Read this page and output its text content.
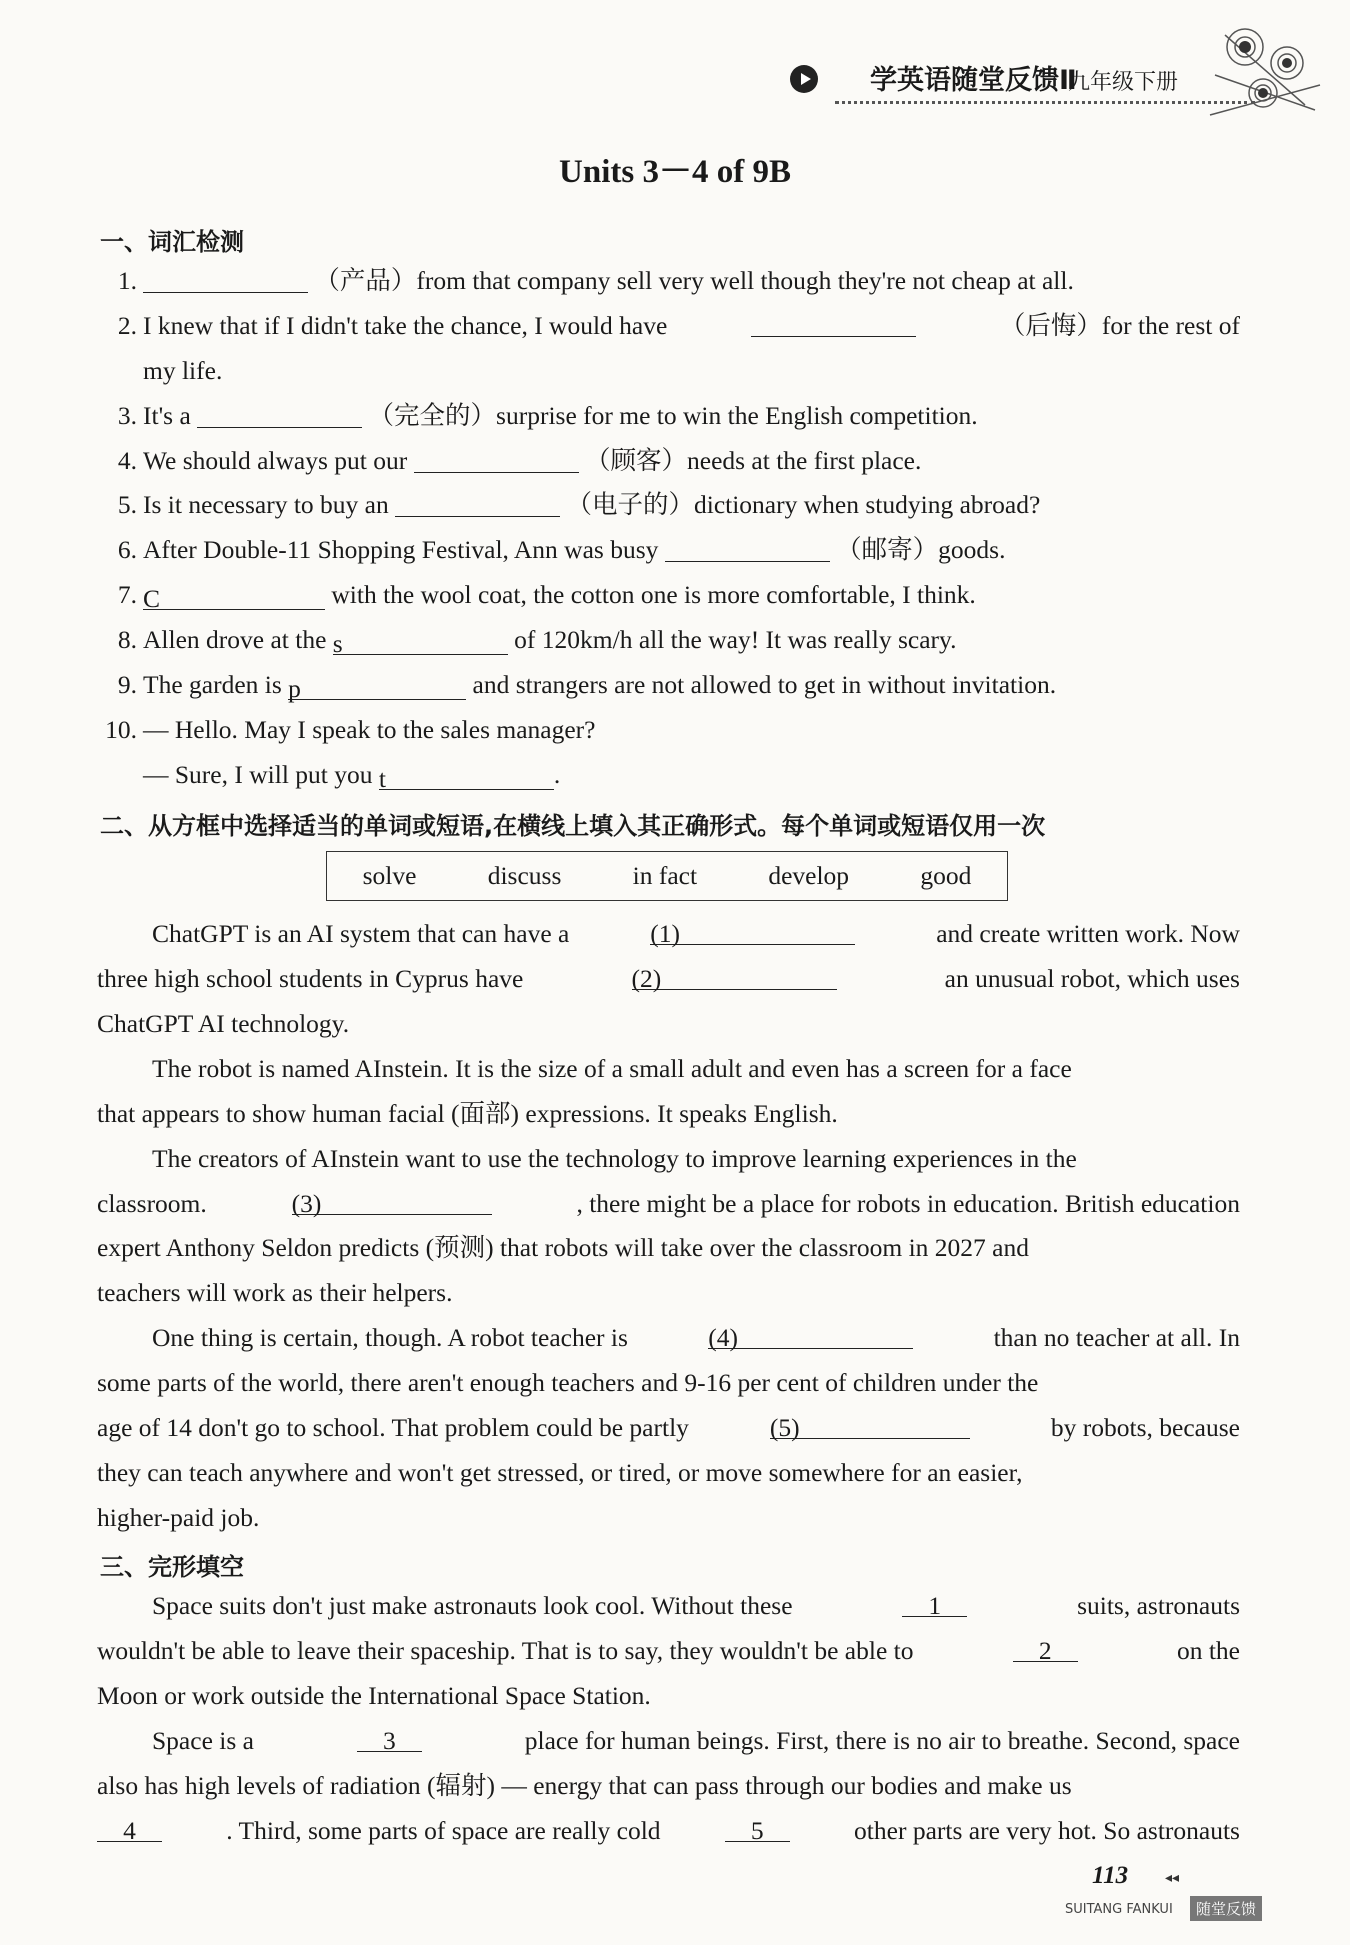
学英语随堂反馈Ⅱ
九年级下册
Units 3－4 of 9B
一、词汇检测
1.	（产品）from that company sell very well though they're not cheap at all.
2. I knew that if I didn't take the chance, I would have	（后悔）for the rest of
my life.
3. It's a	（完全的）surprise for me to win the English competition.
4. We should always put our	（顾客）needs at the first place.
5. Is it necessary to buy an	（电子的）dictionary when studying abroad?
6. After Double-11 Shopping Festival, Ann was busy	（邮寄）goods.
7. C	with the wool coat, the cotton one is more comfortable, I think.
8. Allen drove at the s	of 120km/h all the way! It was really scary.
9. The garden is p	and strangers are not allowed to get in without invitation.
10. — Hello. May I speak to the sales manager?
— Sure, I will put you t	.
二、从方框中选择适当的单词或短语,在横线上填入其正确形式。每个单词或短语仅用一次
solve	discuss	in fact	develop	good
ChatGPT is an AI system that can have a	(1)	and create written work. Now
three high school students in Cyprus have	(2)	an unusual robot, which uses
ChatGPT AI technology.
The robot is named AInstein. It is the size of a small adult and even has a screen for a face
that appears to show human facial (面部) expressions. It speaks English.
The creators of AInstein want to use the technology to improve learning experiences in the
classroom.	(3)	, there might be a place for robots in education. British education
expert Anthony Seldon predicts (预测) that robots will take over the classroom in 2027 and
teachers will work as their helpers.
One thing is certain, though. A robot teacher is	(4)	than no teacher at all. In
some parts of the world, there aren't enough teachers and 9-16 per cent of children under the
age of 14 don't go to school. That problem could be partly	(5)	by robots, because
they can teach anywhere and won't get stressed, or tired, or move somewhere for an easier,
higher-paid job.
三、完形填空
Space suits don't just make astronauts look cool. Without these	1	suits, astronauts
wouldn't be able to leave their spaceship. That is to say, they wouldn't be able to	2	on the
Moon or work outside the International Space Station.
Space is a	3	place for human beings. First, there is no air to breathe. Second, space
also has high levels of radiation (辐射) — energy that can pass through our bodies and make us
4	. Third, some parts of space are really cold	5	other parts are very hot. So astronauts
113	◂◂
SUITANG FANKUI	随堂反馈
